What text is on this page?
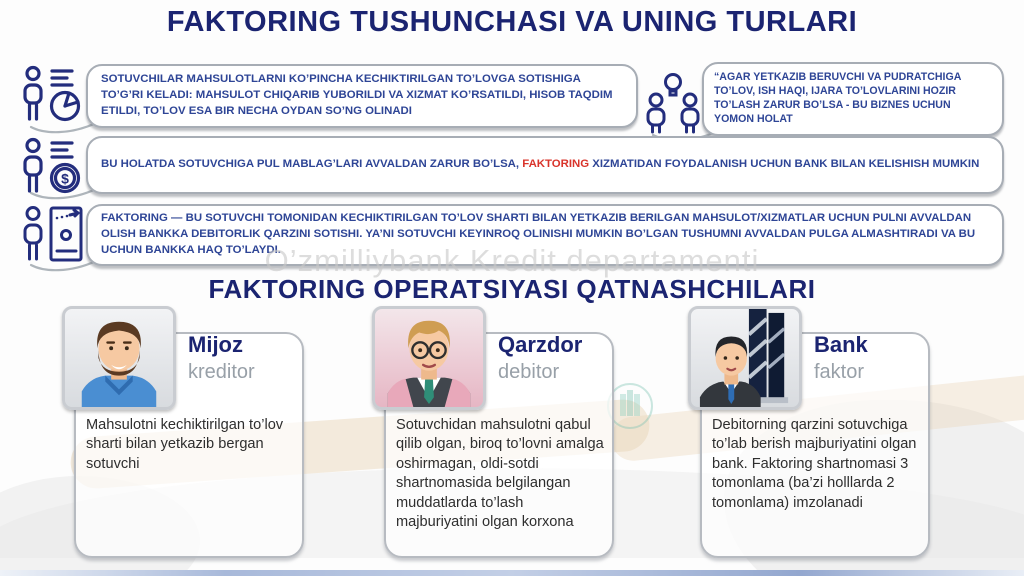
FAKTORING TUSHUNCHASI VA UNING TURLARI

SOTUVCHILAR MAHSULOTLARNI KO’PINCHA KECHIKTIRILGAN TO’LOVGA SOTISHIGA TO’G’RI KELADI: MAHSULOT CHIQARIB YUBORILDI VA XIZMAT KO’RSATILDI, HISOB TAQDIM ETILDI, TO’LOV ESA BIR NECHA OYDAN SO’NG OLINADI

“AGAR YETKAZIB BERUVCHI VA PUDRATCHIGA TO’LOV, ISH HAQI, IJARA TO’LOVLARINI HOZIR TO’LASH ZARUR BO’LSA - BU BIZNES UCHUN YOMON HOLAT

$

BU HOLATDA SOTUVCHIGA PUL MABLAG’LARI AVVALDAN ZARUR BO’LSA, FAKTORING XIZMATIDAN FOYDALANISH UCHUN BANK BILAN KELISHISH MUMKIN

FAKTORING — BU SOTUVCHI TOMONIDAN KECHIKTIRILGAN TO’LOV SHARTI BILAN YETKAZIB BERILGAN MAHSULOT/XIZMATLAR UCHUN PULNI AVVALDAN OLISH BANKKA DEBITORLIK QARZINI SOTISHI. YA’NI SOTUVCHI KEYINROQ OLINISHI MUMKIN BO’LGAN TUSHUMNI AVVALDAN PULGA ALMASHTIRADI VA BU UCHUN BANKKA HAQ TO’LAYDI.

O’zmilliybank Kredit departamenti
FAKTORING OPERATSIYASI QATNASHCHILARI
Mijoz
kreditor
Mahsulotni kechiktirilgan to’lov sharti bilan yetkazib bergan sotuvchi
Qarzdor
debitor
Sotuvchidan mahsulotni qabul qilib olgan, biroq to’lovni amalga oshirmagan, oldi-sotdi shartnomasida belgilangan muddatlarda to’lash majburiyatini olgan korxona
Bank
faktor
Debitorning qarzini sotuvchiga to’lab berish majburiyatini olgan bank. Faktoring shartnomasi 3 tomonlama (ba’zi holllarda 2 tomonlama) imzolanadi
